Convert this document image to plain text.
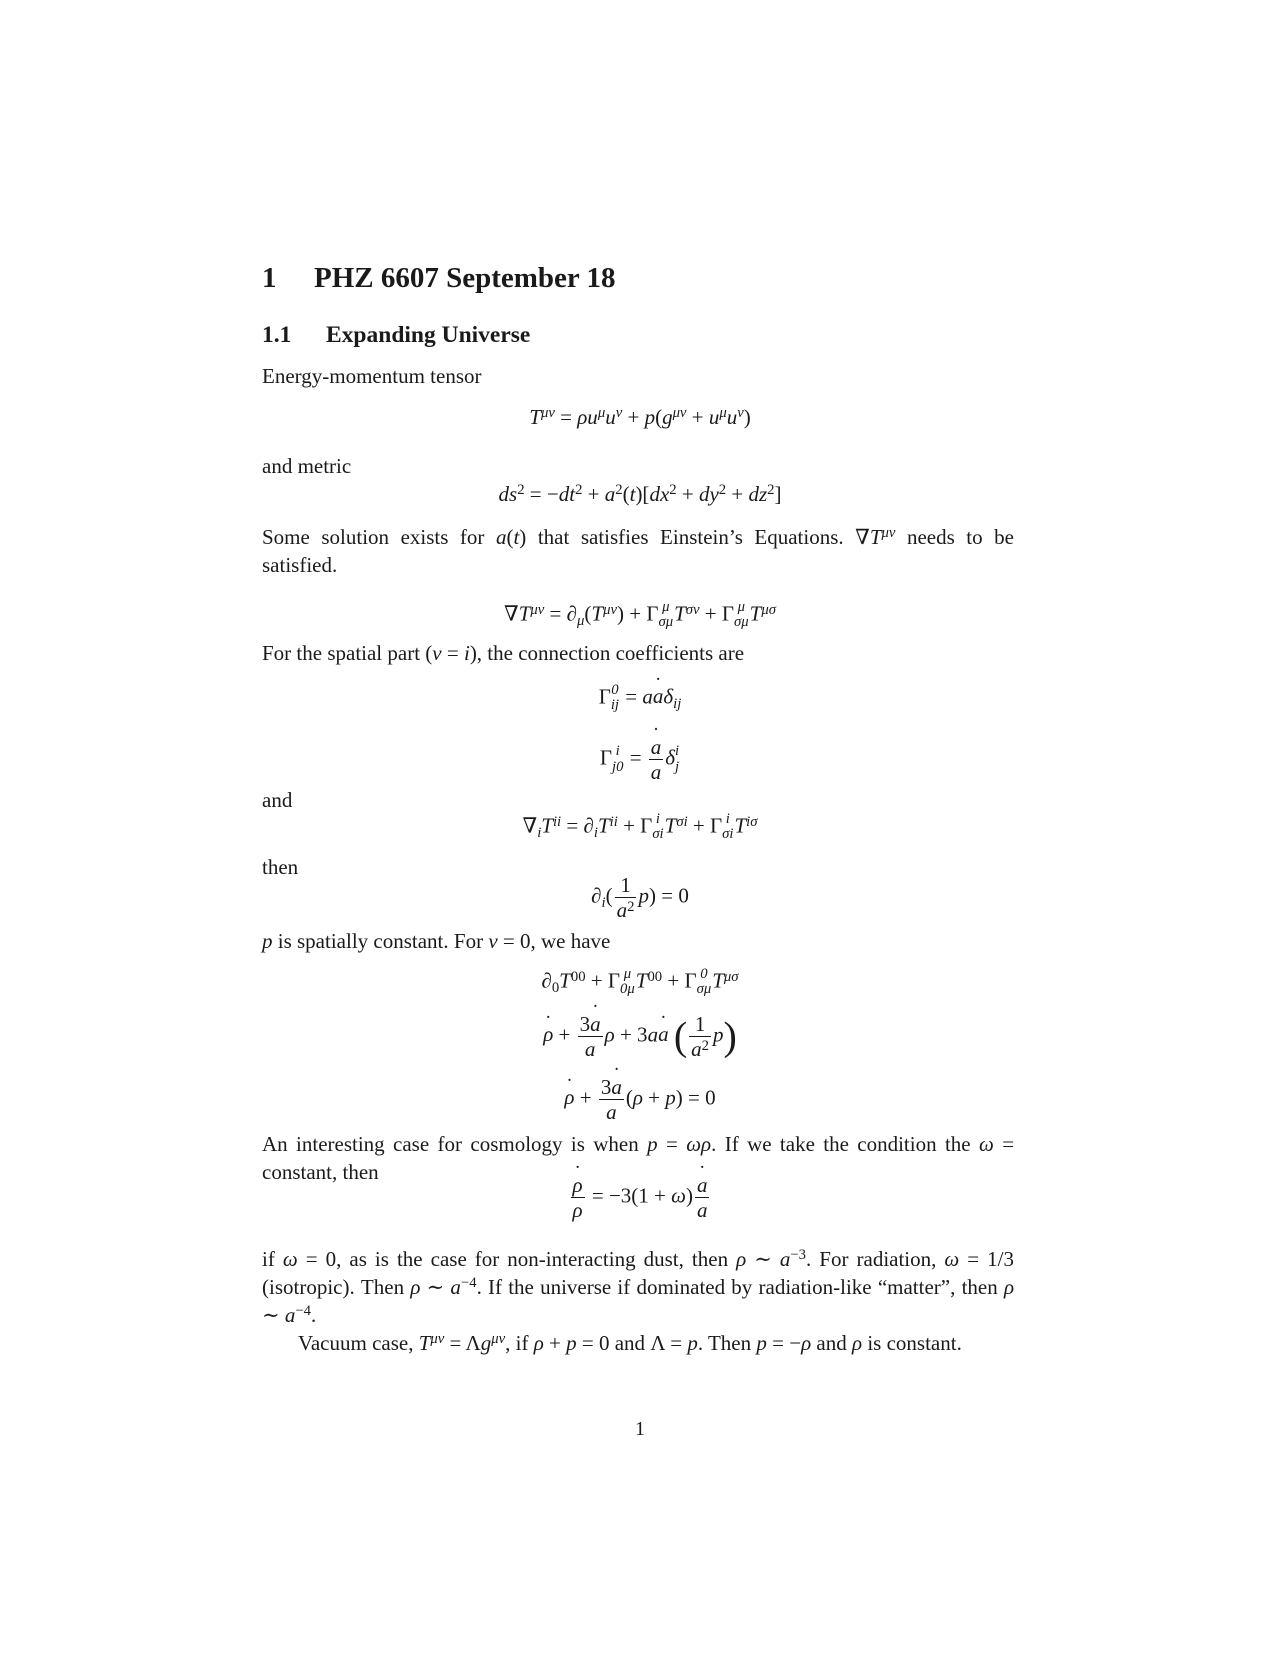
1 PHZ 6607 September 18
1.1 Expanding Universe
Energy-momentum tensor
$T^{\mu\nu} = \rho u^\mu u^\nu + p(g^{\mu\nu} + u^\mu u^\nu)$
and metric
$ds^2 = -dt^2 + a^2(t)[dx^2 + dy^2 + dz^2]$
Some solution exists for a(t) that satisfies Einstein’s Equations. $\nabla T^{\mu\nu}$ needs to be satisfied.
$\nabla T^{\mu\nu} = \partial_\mu(T^{\mu\nu}) + \Gamma$ μ
σμ $T^{\sigma\nu} + \Gamma$ μ
σμ $T^{\mu\sigma}$
For the spatial part (ν = i), the connection coefficients are
Γ 0
ij = aa $˙\delta_{ij}$
Γ i
$j0 = \frac{a ˙}{a}$ δ i
j
and
$\nabla_iT^{ii} = \partial_iT^{ii} + \Gamma$ i
σi $T^{\sigma i} + \Gamma$ i
σi $T^{i\sigma}$
then
$\partial_i( \frac{1}{a^2} p) = 0$
p is spatially constant. For ν = 0, we have
$\partial_0T^{00} + \Gamma$ μ
0μ $T^{00} + \Gamma$ 0
σμ $T^{\mu\sigma}$
ρ ˙ + $\frac{3a ˙}{a}$ ρ + 3aa ˙ ( $\frac{1}{a^2} p$)
ρ ˙ + $\frac{3a ˙}{a} (\rho + p) = 0$
An interesting case for cosmology is when p = ωρ. If we take the condition the ω = constant, then
$\frac{\rho ˙}{\rho} = -3(1 + \omega) \frac{a ˙}{a}$
if ω = 0, as is the case for non-interacting dust, then ρ ∼ $a^{-3}$. For radiation, ω = 1/3 (isotropic). Then ρ ∼ $a^{-4}$. If the universe if dominated by radiation-like “matter”, then ρ ∼ $a^{-4}$.
Vacuum case, $T^{\mu\nu} = \Lambda g^{\mu\nu}$, if ρ + p = 0 and Λ = p. Then p = −ρ and ρ is constant.
1
